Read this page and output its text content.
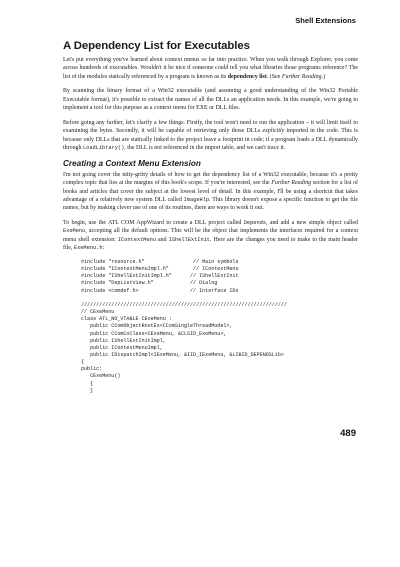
Shell Extensions
A Dependency List for Executables

Let's put everything you've learned about context menus so far into practice. When you walk through Explorer, you come across hundreds of executables. Wouldn't it be nice if someone could tell you what libraries those programs reference? The list of the modules statically referenced by a program is known as its dependency list. (See Further Reading.)

By scanning the binary format of a Win32 executable (and assuming a good understanding of the Win32 Portable Executable format), it's possible to extract the names of all the DLLs an application needs. In this example, we're going to implement a tool for this purpose as a context menu for EXE or DLL files.

Before going any further, let's clarify a few things. Firstly, the tool won't need to run the application – it will limit itself to examining the bytes. Secondly, it will be capable of retrieving only those DLLs explicitly imported in the code. This is because only DLLs that are statically linked to the project leave a footprint in code; if a program loads a DLL dynamically through LoadLibrary(), the DLL is not referenced in the import table, and we can't trace it.

Creating a Context Menu Extension

I'm not going cover the nitty-gritty details of how to get the dependency list of a Win32 executable, because it's a pretty complex topic that lies at the margins of this book's scope. If you're interested, see the Further Reading section for a list of books and articles that cover the subject at the lowest level of detail. In this example, I'll be using a shortcut that takes advantage of a relatively new system DLL called ImageHlp. This library doesn't expose a specific function to get the file names, but by making clever use of one of its routines, there are ways to work it out.

To begin, use the ATL COM AppWizard to create a DLL project called Depends, and add a new simple object called ExeMenu, accepting all the default options. This will be the object that implements the interfaces required for a context menu shell extension: IContextMenu and IShellExtInit. Here are the changes you need to make to the main header file, ExeMenu.h:

#include "resource.h"                // Main symbols
#include "IContextMenuImpl.h"        // IContextMenu
#include "IShellExtInitImpl.h"      // IShellExtInit
#include "DepListView.h"            // Dialog
#include <comdef.h>                 // Interface IDs

////////////////////////////////////////////////////////////////////
// CExeMenu
class ATL_NO_VTABLE CExeMenu :
public CComObjectRootEx<CComSingleThreadModel>,
public CComCoClass<CExeMenu, &CLSID_ExeMenu>,
public IShellExtInitImpl,
public IContextMenuImpl,
public IDispatchImpl<IExeMenu, &IID_IExeMenu, &LIBID_DEPENDSLib>
{
public:
CExeMenu()
{
}
489
